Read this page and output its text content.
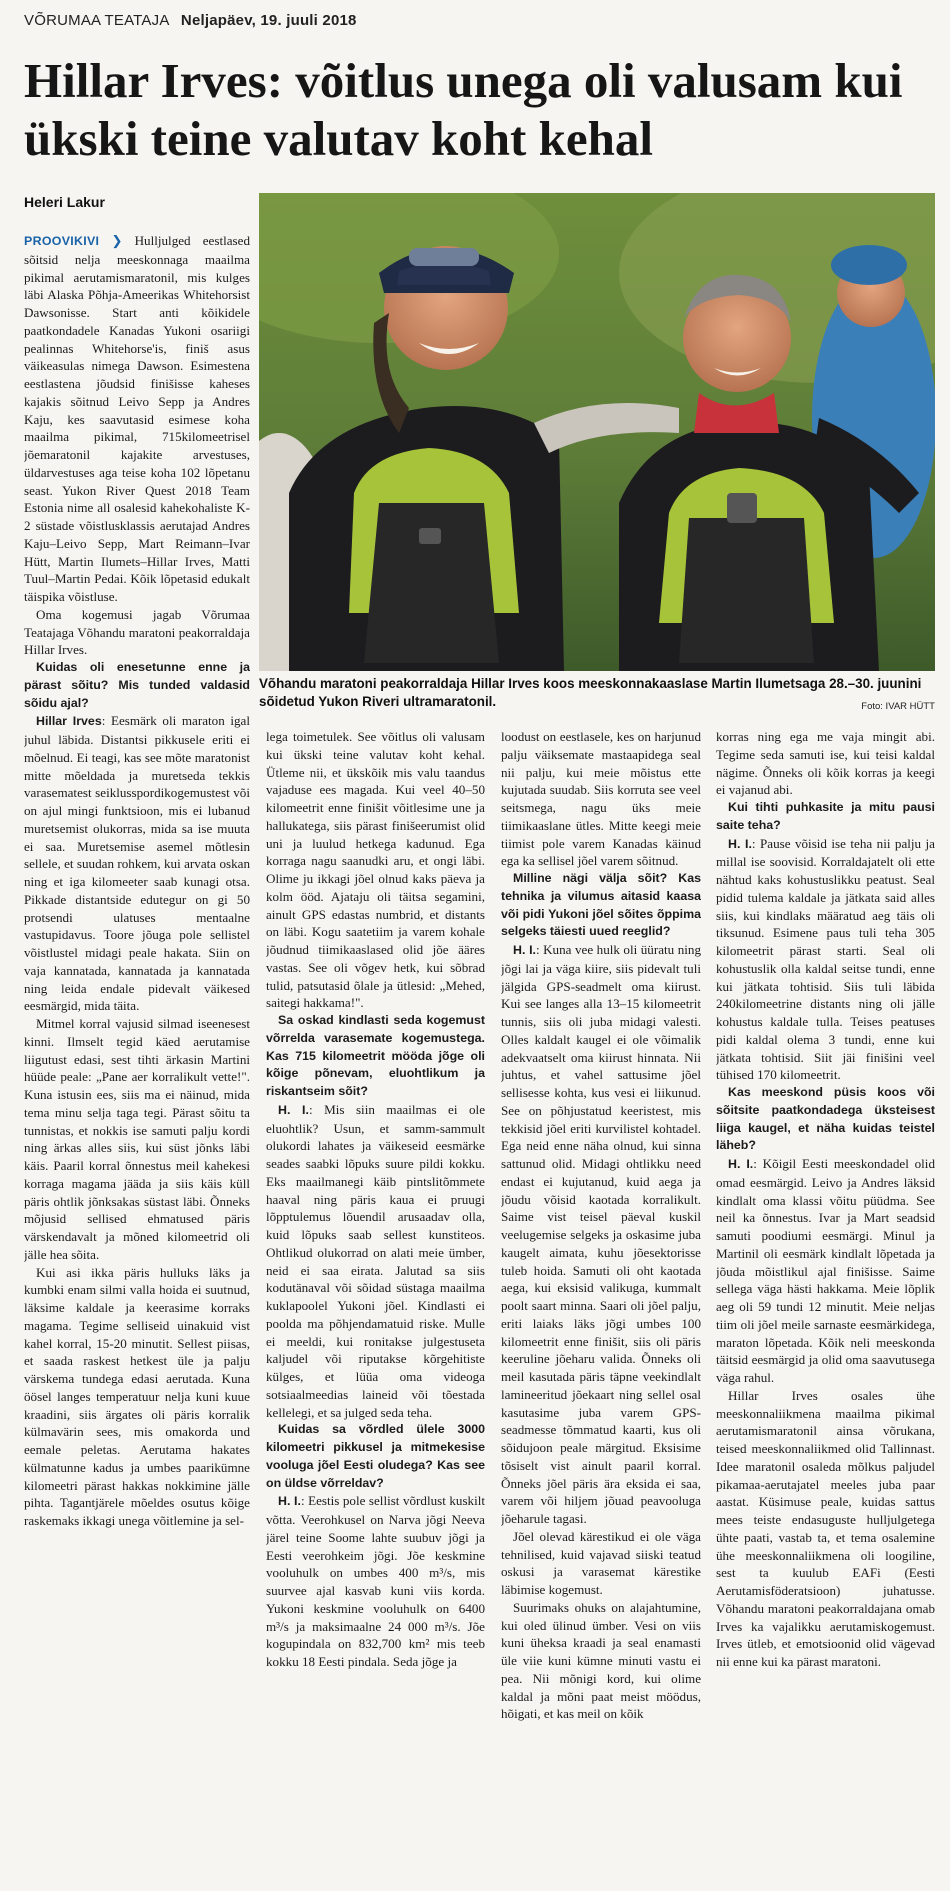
VÕRUMAA TEATAJA Neljapäev, 19. juuli 2018
Hillar Irves: võitlus unega oli valusam kui ükski teine valutav koht kehal
Heleri Lakur
Võhandu maratoni peakorraldaja Hillar Irves koos meeskonnakaaslase Martin Ilumetsaga 28.–30. juunini sõidetud Yukon Riveri ultramaratonil.	Foto: IVAR HÜTT

PROOVIKIVI ❯ Hulljulged eestlased sõitsid nelja meeskonnaga maailma pikimal aerutamismaratonil, mis kulges läbi Alaska Põhja-Ameerikas Whitehorsist Dawsonisse. Start anti kõikidele paatkondadele Kanadas Yukoni osariigi pealinnas Whitehorse'is, finiš asus väikeasulas nimega Dawson. Esimestena eestlastena jõudsid finišisse kaheses kajakis sõitnud Leivo Sepp ja Andres Kaju, kes saavutasid esimese koha maailma pikimal, 715kilomeetrisel jõemaratonil kajakite arvestuses, üldarvestuses aga teise koha 102 lõpetanu seast. Yukon River Quest 2018 Team Estonia nime all osalesid kahekohaliste K-2 süstade võistlusklassis aerutajad Andres Kaju–Leivo Sepp, Mart Reimann–Ivar Hütt, Martin Ilumets–Hillar Irves, Matti Tuul–Martin Pedai. Kõik lõpetasid edukalt täispika võistluse.

Oma kogemusi jagab Võrumaa Teatajaga Võhandu maratoni peakorraldaja Hillar Irves.

Kuidas oli enesetunne enne ja pärast sõitu? Mis tunded valdasid sõidu ajal?

Hillar Irves: Eesmärk oli maraton igal juhul läbida. Distantsi pikkusele eriti ei mõelnud. Ei teagi, kas see mõte maratonist mitte mõeldada ja muretseda tekkis varasematest seiklusspordikogemustest või on ajul mingi funktsioon, mis ei lubanud muretsemist olukorras, mida sa ise muuta ei saa. Muretsemise asemel mõtlesin sellele, et suudan rohkem, kui arvata oskan ning et iga kilomeeter saab kunagi otsa. Pikkade distantside edutegur on gi 50 protsendi ulatuses mentaalne vastupidavus. Toore jõuga pole sellistel võistlustel midagi peale hakata. Siin on vaja kannatada, kannatada ja kannatada ning leida endale pidevalt väikesed eesmärgid, mida täita.

Mitmel korral vajusid silmad iseenesest kinni. Ilmselt tegid käed aerutamise liigutust edasi, sest tihti ärkasin Martini hüüde peale: „Pane aer korralikult vette!". Kuna istusin ees, siis ma ei näinud, mida tema minu selja taga tegi. Pärast sõitu ta tunnistas, et nokkis ise samuti palju kordi ning ärkas alles siis, kui süst jõnks läbi käis. Paaril korral õnnestus meil kahekesi korraga magama jääda ja siis käis küll päris ohtlik jõnksakas süstast läbi. Õnneks mõjusid sellised ehmatused päris värskendavalt ja mõned kilomeetrid oli jälle hea sõita.

Kui asi ikka päris hulluks läks ja kumbki enam silmi valla hoida ei suutnud, läksime kaldale ja keerasime korraks magama. Tegime selliseid uinakuid vist kahel korral, 15-20 minutit. Sellest piisas, et saada raskest hetkest üle ja palju värskema tundega edasi aerutada. Kuna öösel langes temperatuur nelja kuni kuue kraadini, siis ärgates oli päris korralik külmavärin sees, mis omakorda und eemale peletas. Aerutama hakates külmatunne kadus ja umbes paarikümne kilomeetri pärast hakkas nokkimine jälle pihta. Tagantjärele mõeldes osutus kõige raskemaks ikkagi unega võitlemine ja sel-

lega toimetulek. See võitlus oli valusam kui ükski teine valutav koht kehal. Ütleme nii, et ükskõik mis valu taandus vajaduse ees magada. Kui veel 40–50 kilomeetrit enne finišit võitlesime une ja hallukatega, siis pärast finišeerumist olid uni ja luulud hetkega kadunud. Ega korraga nagu saanudki aru, et ongi läbi. Olime ju ikkagi jõel olnud kaks päeva ja kolm ööd. Ajataju oli täitsa segamini, ainult GPS edastas numbrid, et distants on läbi. Kogu saatetiim ja varem kohale jõudnud tiimikaaslased olid jõe ääres vastas. See oli võgev hetk, kui sõbrad tulid, patsutasid õlale ja ütlesid: „Mehed, saitegi hakkama!".

Sa oskad kindlasti seda kogemust võrrelda varasemate kogemustega. Kas 715 kilomeetrit mööda jõge oli kõige põnevam, eluohtlikum ja riskantseim sõit?

H. I.: Mis siin maailmas ei ole eluohtlik? Usun, et samm-sammult olukordi lahates ja väikeseid eesmärke seades saabki lõpuks suure pildi kokku. Eks maailmanegi käib pintslitõmmete haaval ning päris kaua ei pruugi lõpptulemus lõuendil arusaadav olla, kuid lõpuks saab sellest kunstiteos. Ohtlikud olukorrad on alati meie ümber, neid ei saa eirata. Jalutad sa siis kodutänaval või sõidad süstaga maailma kuklapoolel Yukoni jõel. Kindlasti ei poolda ma põhjendamatuid riske. Mulle ei meeldi, kui ronitakse julgestuseta kaljudel või riputakse kõrgehitiste külges, et lüüa oma videoga sotsiaalmeedias laineid või tõestada kellelegi, et sa julged seda teha.

Kuidas sa võrdled ülele 3000 kilomeetri pikkusel ja mitmekesise vooluga jõel Eesti oludega? Kas see on üldse võrreldav?

H. I.: Eestis pole sellist võrdlust kuskilt võtta. Veerohkusel on Narva jõgi Neeva järel teine Soome lahte suubuv jõgi ja Eesti veerohkeim jõgi. Jõe keskmine vooluhulk on umbes 400 m³/s, mis suurvee ajal kasvab kuni viis korda. Yukoni keskmine vooluhulk on 6400 m³/s ja maksimaalne 24 000 m³/s. Jõe kogupindala on 832,700 km² mis teeb kokku 18 Eesti pindala. Seda jõge ja

loodust on eestlasele, kes on harjunud palju väiksemate mastaapidega seal nii palju, kui meie mõistus ette kujutada suudab. Siis korruta see veel seitsmega, nagu üks meie tiimikaaslane ütles. Mitte keegi meie tiimist pole varem Kanadas käinud ega ka sellisel jõel varem sõitnud.

Milline nägi välja sõit? Kas tehnika ja vilumus aitasid kaasa või pidi Yukoni jõel sõites õppima selgeks täiesti uued reeglid?

H. I.: Kuna vee hulk oli üüratu ning jõgi lai ja väga kiire, siis pidevalt tuli jälgida GPS-seadmelt oma kiirust. Kui see langes alla 13–15 kilomeetrit tunnis, siis oli juba midagi valesti. Olles kaldalt kaugel ei ole võimalik adekvaatselt oma kiirust hinnata. Nii juhtus, et vahel sattusime jõel sellisesse kohta, kus vesi ei liikunud. See on põhjustatud keeristest, mis tekkisid jõel eriti kurvilistel kohtadel. Ega neid enne näha olnud, kui sinna sattunud olid. Midagi ohtlikku need endast ei kujutanud, kuid aega ja jõudu võisid kaotada korralikult. Saime vist teisel päeval kuskil veelugemise selgeks ja oskasime juba kaugelt aimata, kuhu jõesektorisse tuleb hoida. Samuti oli oht kaotada aega, kui eksisid valikuga, kummalt poolt saart minna. Saari oli jõel palju, eriti laiaks läks jõgi umbes 100 kilomeetrit enne finišit, siis oli päris keeruline jõeharu valida. Õnneks oli meil kasutada päris täpne veekindlalt lamineeritud jõekaart ning sellel osal kasutasime juba varem GPS-seadmesse tõmmatud kaarti, kus oli sõidujoon peale märgitud. Eksisime tõsiselt vist ainult paaril korral. Õnneks jõel päris ära eksida ei saa, varem või hiljem jõuad peavooluga jõeharule tagasi.

Jõel olevad kärestikud ei ole väga tehnilised, kuid vajavad siiski teatud oskusi ja varasemat kärestike läbimise kogemust.

Suurimaks ohuks on alajahtumine, kui oled ülinud ümber. Vesi on viis kuni üheksa kraadi ja seal enamasti üle viie kuni kümne minuti vastu ei pea. Nii mõnigi kord, kui olime kaldal ja mõni paat meist möödus, hõigati, et kas meil on kõik

korras ning ega me vaja mingit abi. Tegime seda samuti ise, kui teisi kaldal nägime. Õnneks oli kõik korras ja keegi ei vajanud abi.

Kui tihti puhkasite ja mitu pausi saite teha?

H. I.: Pause võisid ise teha nii palju ja millal ise soovisid. Korraldajatelt oli ette nähtud kaks kohustuslikku peatust. Seal pidid tulema kaldale ja jätkata said alles siis, kui kindlaks määratud aeg täis oli tiksunud. Esimene paus tuli teha 305 kilomeetrit pärast starti. Seal oli kohustuslik olla kaldal seitse tundi, enne kui jätkata tohtisid. Siis tuli läbida 240kilomeetrine distants ning oli jälle kohustus kaldale tulla. Teises peatuses pidi kaldal olema 3 tundi, enne kui jätkata tohtisid. Siit jäi finišini veel tühised 170 kilomeetrit.

Kas meeskond püsis koos või sõitsite paatkondadega üksteisest liiga kaugel, et näha kuidas teistel läheb?

H. I.: Kõigil Eesti meeskondadel olid omad eesmärgid. Leivo ja Andres läksid kindlalt oma klassi võitu püüdma. See neil ka õnnestus. Ivar ja Mart seadsid samuti poodiumi eesmärgi. Minul ja Martinil oli eesmärk kindlalt lõpetada ja jõuda mõistlikul ajal finišisse. Saime sellega väga hästi hakkama. Meie lõplik aeg oli 59 tundi 12 minutit. Meie neljas tiim oli jõel meile sarnaste eesmärkidega, maraton lõpetada. Kõik neli meeskonda täitsid eesmärgid ja olid oma saavutusega väga rahul.

Hillar Irves osales ühe meeskonnaliikmena maailma pikimal aerutamismaratonil ainsa võrukana, teised meeskonnaliikmed olid Tallinnast. Idee maratonil osaleda mõlkus paljudel pikamaa-aerutajatel meeles juba paar aastat. Küsimuse peale, kuidas sattus mees teiste endasuguste hulljulgetega ühte paati, vastab ta, et tema osalemine ühe meeskonnaliikmena oli loogiline, sest ta kuulub EAFi (Eesti Aerutamisföderatsioon) juhatusse. Võhandu maratoni peakorraldajana omab Irves ka vajalikku aerutamiskogemust. Irves ütleb, et emotsioonid olid vägevad nii enne kui ka pärast maratoni.
